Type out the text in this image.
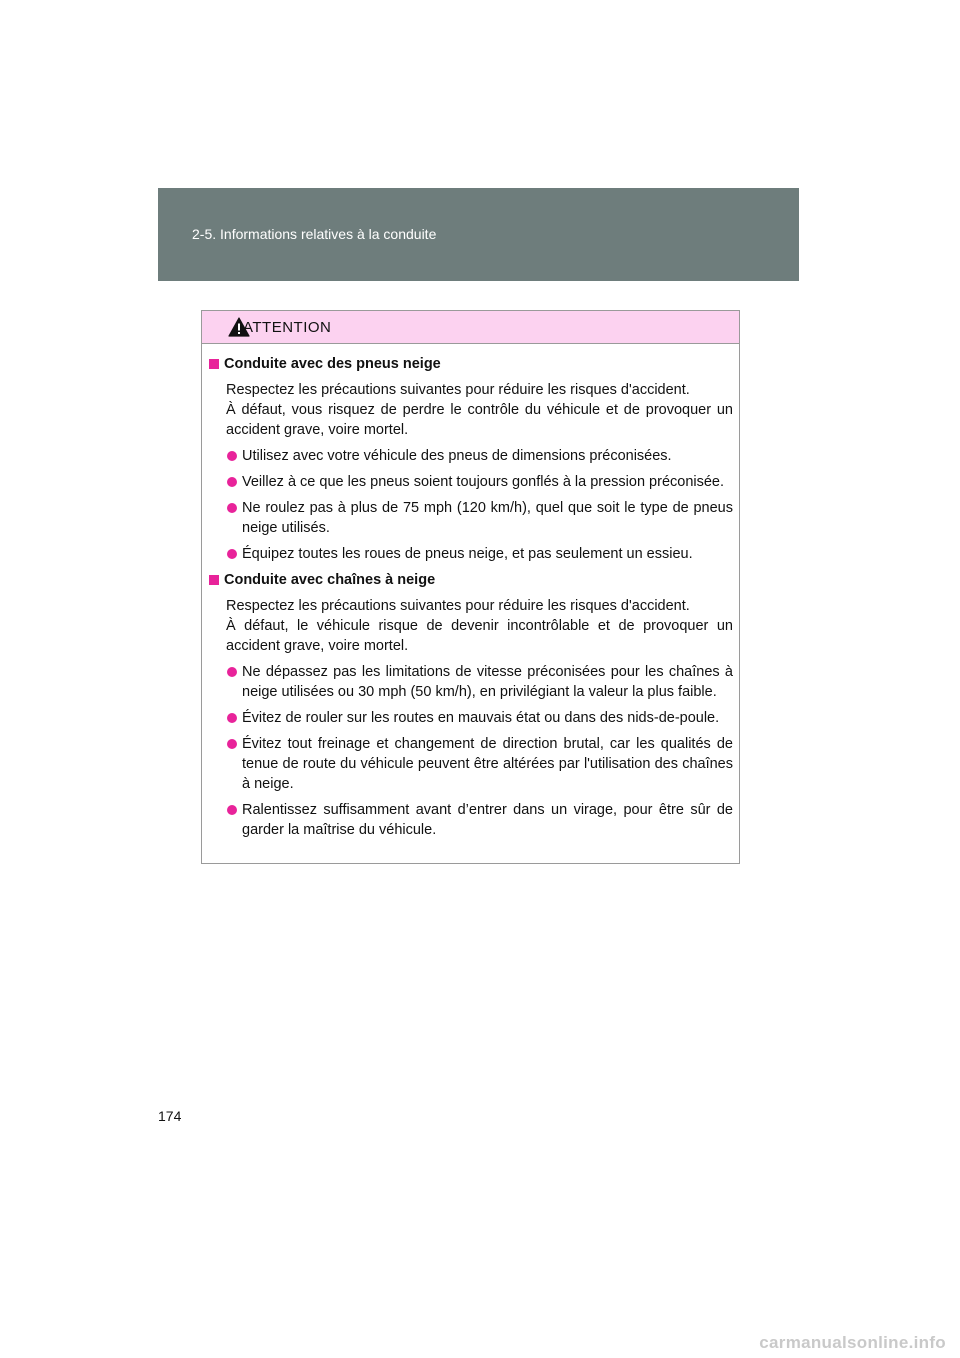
2-5. Informations relatives à la conduite
ATTENTION
Conduite avec des pneus neige

Respectez les précautions suivantes pour réduire les risques d'accident.

À défaut, vous risquez de perdre le contrôle du véhicule et de provoquer un accident grave, voire mortel.

Utilisez avec votre véhicule des pneus de dimensions préconisées.
Veillez à ce que les pneus soient toujours gonflés à la pression préconisée.
Ne roulez pas à plus de 75 mph (120 km/h), quel que soit le type de pneus neige utilisés.
Équipez toutes les roues de pneus neige, et pas seulement un essieu.
Conduite avec chaînes à neige

Respectez les précautions suivantes pour réduire les risques d'accident.

À défaut, le véhicule risque de devenir incontrôlable et de provoquer un accident grave, voire mortel.

Ne dépassez pas les limitations de vitesse préconisées pour les chaînes à neige utilisées ou 30 mph (50 km/h), en privilégiant la valeur la plus faible.
Évitez de rouler sur les routes en mauvais état ou dans des nids-de-poule.
Évitez tout freinage et changement de direction brutal, car les qualités de tenue de route du véhicule peuvent être altérées par l'utilisation des chaînes à neige.
Ralentissez suffisamment avant d’entrer dans un virage, pour être sûr de garder la maîtrise du véhicule.
174
carmanualsonline.info
